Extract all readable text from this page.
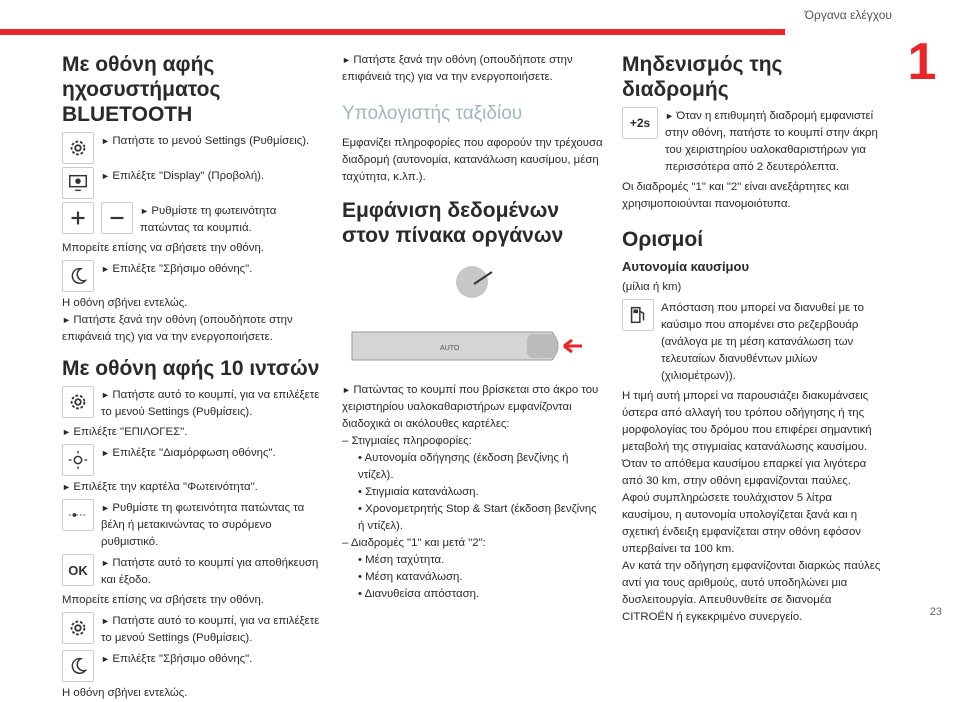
Όργανα ελέγχου
1
23
Με οθόνη αφής ηχοσυστήματος BLUETOOTH

► Πατήστε το μενού Settings (Ρυθμίσεις).

► Επιλέξτε "Display" (Προβολή).

► Ρυθμίστε τη φωτεινότητα πατώντας τα κουμπιά.

Μπορείτε επίσης να σβήσετε την οθόνη.

► Επιλέξτε "Σβήσιμο οθόνης".

Η οθόνη σβήνει εντελώς.

► Πατήστε ξανά την οθόνη (οπουδήποτε στην επιφάνειά της) για να την ενεργοποιήσετε.

Με οθόνη αφής 10 ιντσών

► Πατήστε αυτό το κουμπί, για να επιλέξετε το μενού Settings (Ρυθμίσεις).

► Επιλέξτε "ΕΠΙΛΟΓΕΣ".

► Επιλέξτε "Διαμόρφωση οθόνης".

► Επιλέξτε την καρτέλα "Φωτεινότητα".

► Ρυθμίστε τη φωτεινότητα πατώντας τα βέλη ή μετακινώντας το συρόμενο ρυθμιστικό.

OK	► Πατήστε αυτό το κουμπί για αποθήκευση και έξοδο.

Μπορείτε επίσης να σβήσετε την οθόνη.

► Πατήστε αυτό το κουμπί, για να επιλέξετε το μενού Settings (Ρυθμίσεις).

► Επιλέξτε "Σβήσιμο οθόνης".

Η οθόνη σβήνει εντελώς.

► Πατήστε ξανά την οθόνη (οπουδήποτε στην επιφάνειά της) για να την ενεργοποιήσετε.

Υπολογιστής ταξιδίου

Εμφανίζει πληροφορίες που αφορούν την τρέχουσα διαδρομή (αυτονομία, κατανάλωση καυσίμου, μέση ταχύτητα, κ.λπ.).

Εμφάνιση δεδομένων στον πίνακα οργάνων
AUTO

► Πατώντας το κουμπί που βρίσκεται στο άκρο του χειριστηρίου υαλοκαθαριστήρων εμφανίζονται διαδοχικά οι ακόλουθες καρτέλες:

– Στιγμιαίες πληροφορίες:

• Αυτονομία οδήγησης (έκδοση βενζίνης ή ντίζελ).
• Στιγμιαία κατανάλωση.
• Χρονομετρητής Stop & Start (έκδοση βενζίνης ή ντίζελ).

– Διαδρομές "1" και μετά "2":

• Μέση ταχύτητα.
• Μέση κατανάλωση.
• Διανυθείσα απόσταση.
Μηδενισμός της διαδρομής
+2s	► Όταν η επιθυμητή διαδρομή εμφανιστεί στην οθόνη, πατήστε το κουμπί στην άκρη του χειριστηρίου υαλοκαθαριστήρων για περισσότερα από 2 δευτερόλεπτα.

Οι διαδρομές "1" και "2" είναι ανεξάρτητες και χρησιμοποιούνται πανομοιότυπα.

Ορισμοί
Αυτονομία καυσίμου

(μίλια ή km)

Απόσταση που μπορεί να διανυθεί με το καύσιμο που απομένει στο ρεζερβουάρ (ανάλογα με τη μέση κατανάλωση των τελευταίων διανυθέντων μιλίων (χιλιομέτρων)).

Η τιμή αυτή μπορεί να παρουσιάζει διακυμάνσεις ύστερα από αλλαγή του τρόπου οδήγησης ή της μορφολογίας του δρόμου που επιφέρει σημαντική μεταβολή της στιγμιαίας κατανάλωσης καυσίμου.

Όταν το απόθεμα καυσίμου επαρκεί για λιγότερα από 30 km, στην οθόνη εμφανίζονται παύλες.

Αφού συμπληρώσετε τουλάχιστον 5 λίτρα καυσίμου, η αυτονομία υπολογίζεται ξανά και η σχετική ένδειξη εμφανίζεται στην οθόνη εφόσον υπερβαίνει τα 100 km.

Αν κατά την οδήγηση εμφανίζονται διαρκώς παύλες αντί για τους αριθμούς, αυτό υποδηλώνει μια δυσλειτουργία. Απευθυνθείτε σε διανομέα CITROËN ή εγκεκριμένο συνεργείο.
